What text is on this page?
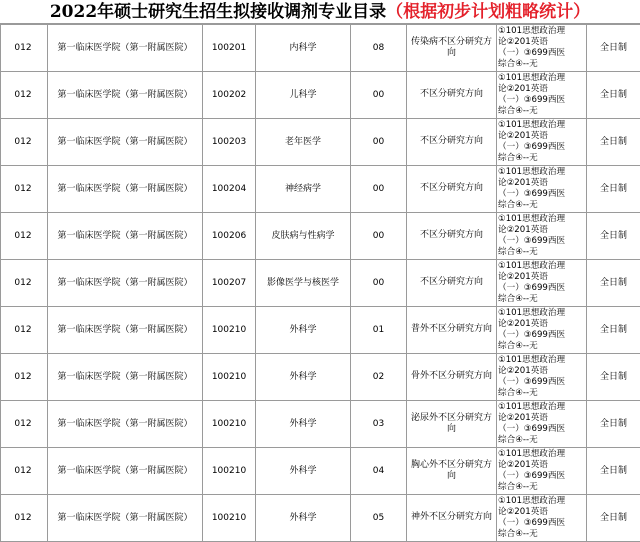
2022年硕士研究生招生拟接收调剂专业目录（根据初步计划粗略统计）
012	第一临床医学院（第一附属医院）	100201	内科学	08	传染病不区分研究方向	①101思想政治理
论②201英语
（一）③699西医
综合④--无	全日制
012	第一临床医学院（第一附属医院）	100202	儿科学	00	不区分研究方向	①101思想政治理
论②201英语
（一）③699西医
综合④--无	全日制
012	第一临床医学院（第一附属医院）	100203	老年医学	00	不区分研究方向	①101思想政治理
论②201英语
（一）③699西医
综合④--无	全日制
012	第一临床医学院（第一附属医院）	100204	神经病学	00	不区分研究方向	①101思想政治理
论②201英语
（一）③699西医
综合④--无	全日制
012	第一临床医学院（第一附属医院）	100206	皮肤病与性病学	00	不区分研究方向	①101思想政治理
论②201英语
（一）③699西医
综合④--无	全日制
012	第一临床医学院（第一附属医院）	100207	影像医学与核医学	00	不区分研究方向	①101思想政治理
论②201英语
（一）③699西医
综合④--无	全日制
012	第一临床医学院（第一附属医院）	100210	外科学	01	普外不区分研究方向	①101思想政治理
论②201英语
（一）③699西医
综合④--无	全日制
012	第一临床医学院（第一附属医院）	100210	外科学	02	骨外不区分研究方向	①101思想政治理
论②201英语
（一）③699西医
综合④--无	全日制
012	第一临床医学院（第一附属医院）	100210	外科学	03	泌尿外不区分研究方向	①101思想政治理
论②201英语
（一）③699西医
综合④--无	全日制
012	第一临床医学院（第一附属医院）	100210	外科学	04	胸心外不区分研究方向	①101思想政治理
论②201英语
（一）③699西医
综合④--无	全日制
012	第一临床医学院（第一附属医院）	100210	外科学	05	神外不区分研究方向	①101思想政治理
论②201英语
（一）③699西医
综合④--无	全日制
